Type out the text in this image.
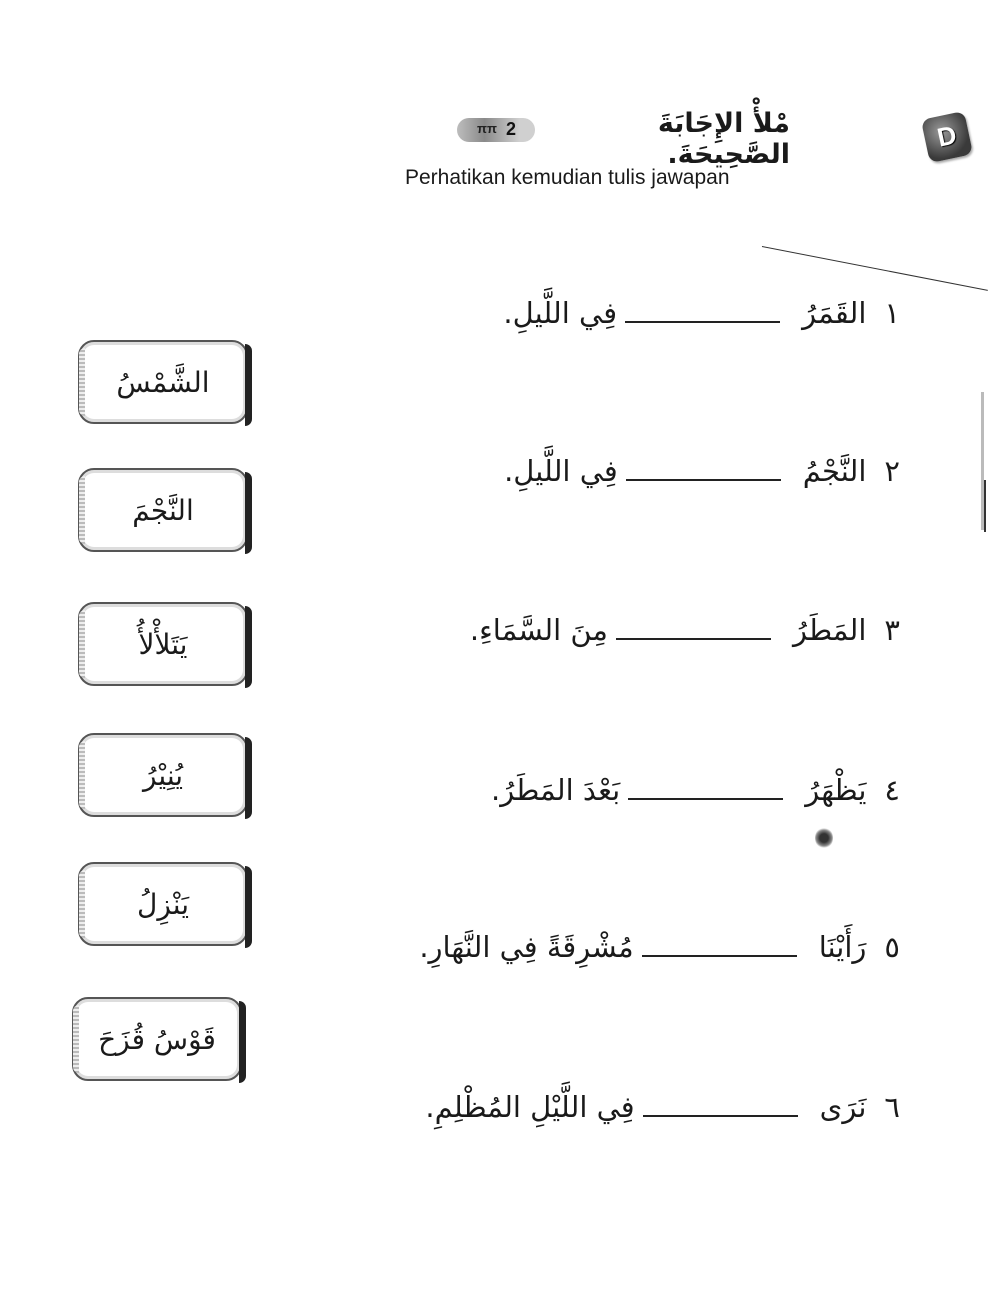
D
مْلأْ الإِجَابَةَ الصَّحِيحَةَ.
ππ 2
Perhatikan kemudian tulis jawapan
١
القَمَرُ
فِي اللَّيلِ.
٢
النَّجْمُ
فِي اللَّيلِ.
٣
المَطَرُ
مِنَ السَّمَاءِ.
٤
يَظْهَرُ
بَعْدَ المَطَرُ.
٥
رَأَيْنَا
مُشْرِقَةً فِي النَّهَارِ.
٦
نَرَى
فِي اللَّيْلِ المُظْلِمِ.
الشَّمْسُ
النَّجْمَ
يَتَلأْلأُ
يُنِيْرُ
يَنْزِلُ
قَوْسُ قُزَحَ
